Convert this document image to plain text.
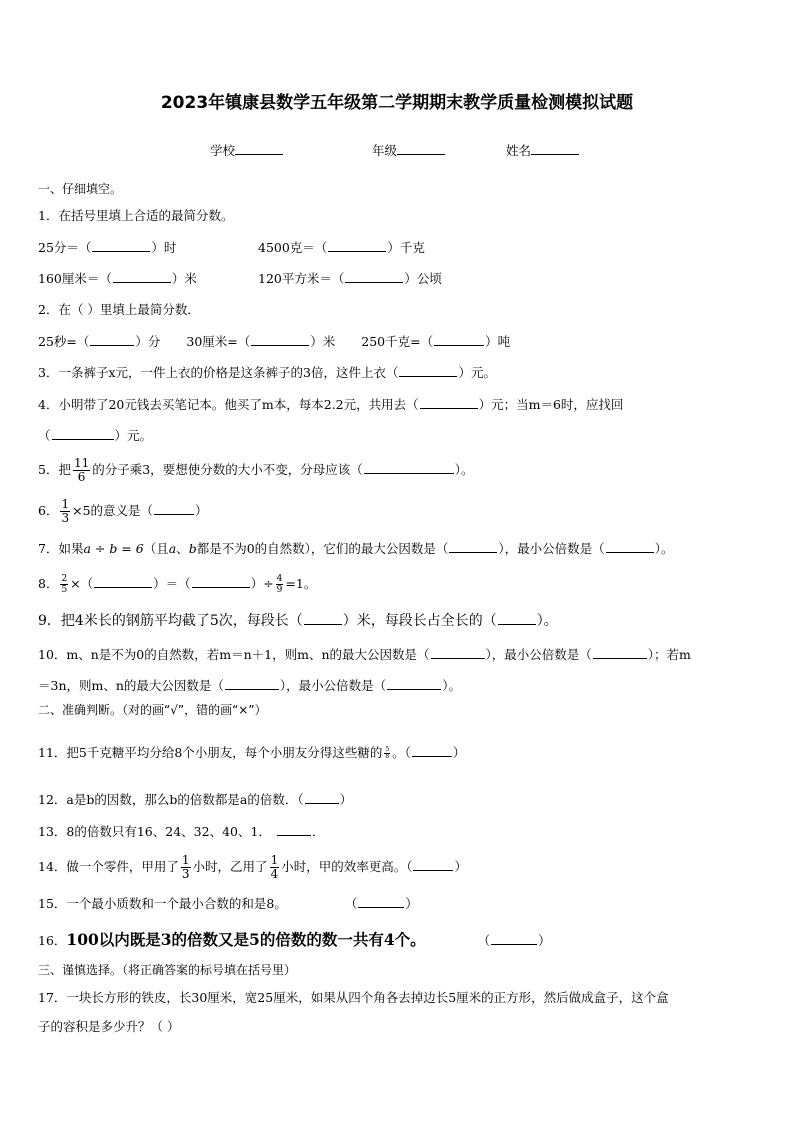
2023年镇康县数学五年级第二学期期末教学质量检测模拟试题
学校	年级	姓名
一、仔细填空。
1．在括号里填上合适的最简分数。
25分＝（	）时	4500克＝（	）千克
160厘米＝（	）米	120平方米＝（	）公顷
2．在（ ）里填上最简分数．
25秒=（	）分 30厘米=（	）米 250千克=（	）吨
3．一条裤子x元，一件上衣的价格是这条裤子的3倍，这件上衣（	）元。
4．小明带了20元钱去买笔记本。他买了m本，每本2.2元，共用去（	）元；当m＝6时，应找回
（	）元。
5．把 $\frac{11}{6}$ 的分子乘3，要想使分数的大小不变，分母应该（	）。
6． $\frac{1}{3} \times 5$的意义是（	）
7．如果a ÷ b = 6（且a、b都是不为0的自然数），它们的最大公因数是（	），最小公倍数是（	）。
8． $\frac{2}{5}$ ×（	）＝（	）÷ $\frac{4}{9} =1$。
9．把4米长的钢筋平均截了5次，每段长（	）米，每段长占全长的（	）。
10．m、n是不为0的自然数，若m＝n＋1，则m、n的最大公因数是（	），最小公倍数是（	）；若m
＝3n，则m、n的最大公因数是（	），最小公倍数是（	）。
二、准确判断。（对的画“√”，错的画“×”）
11．把5千克糖平均分给8个小朋友，每个小朋友分得这些糖的 $\frac{5}{8}$ 。（	）
12．a是b的因数，那么b的倍数都是a的倍数．（	）
13．8的倍数只有16、24、32、40、1．	．
14．做一个零件，甲用了 $\frac{1}{3}$ 小时，乙用了 $\frac{1}{4}$ 小时，甲的效率更高。（	）
15．一个最小质数和一个最小合数的和是8。	（	）
16．100以内既是3的倍数又是5的倍数的数一共有4个。	（	）
三、谨慎选择。（将正确答案的标号填在括号里）
17．一块长方形的铁皮，长30厘米，宽25厘米，如果从四个角各去掉边长5厘米的正方形，然后做成盒子，这个盒
子的容积是多少升？（ ）
